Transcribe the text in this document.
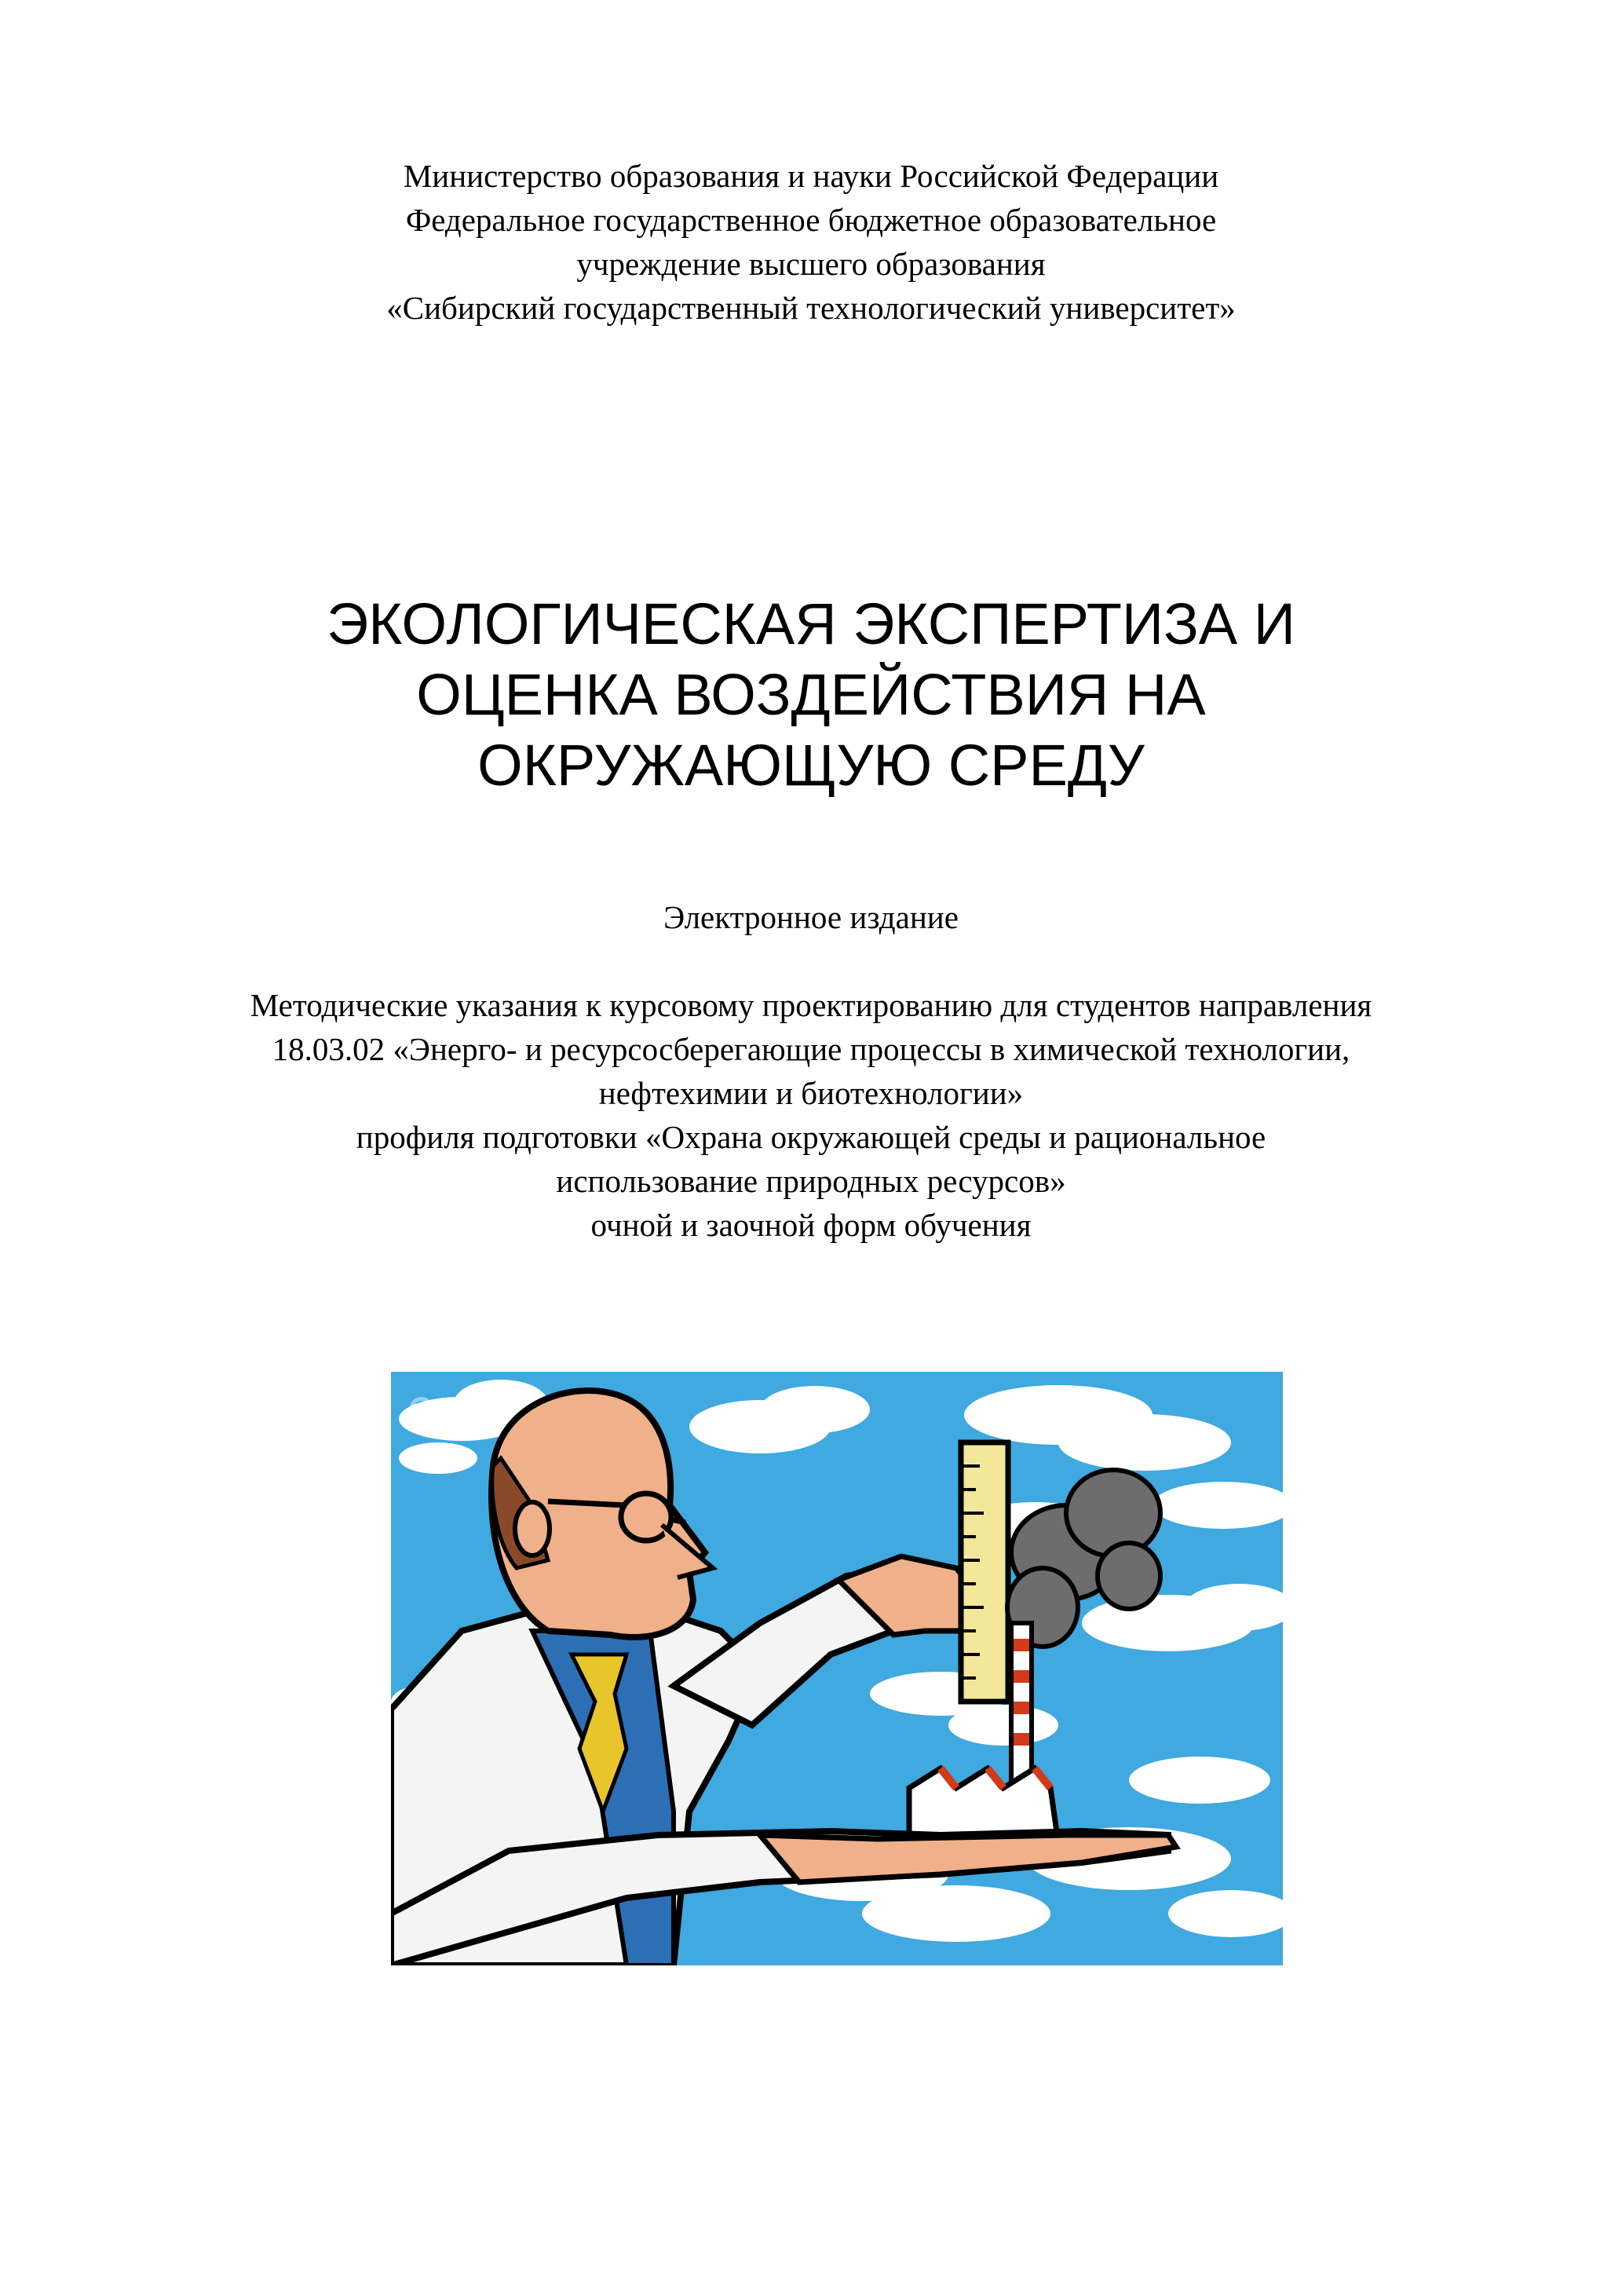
Министерство образования и науки Российской Федерации
Федеральное государственное бюджетное образовательное
учреждение высшего образования
«Сибирский государственный технологический университет»
ЭКОЛОГИЧЕСКАЯ ЭКСПЕРТИЗА И
ОЦЕНКА ВОЗДЕЙСТВИЯ НА
ОКРУЖАЮЩУЮ СРЕДУ
Электронное издание
Методические указания к курсовому проектированию для студентов направления
18.03.02 «Энерго- и ресурсосберегающие процессы в химической технологии,
нефтехимии и биотехнологии»
профиля подготовки «Охрана окружающей среды и рациональное
использование природных ресурсов»
очной и заочной форм обучения
co
